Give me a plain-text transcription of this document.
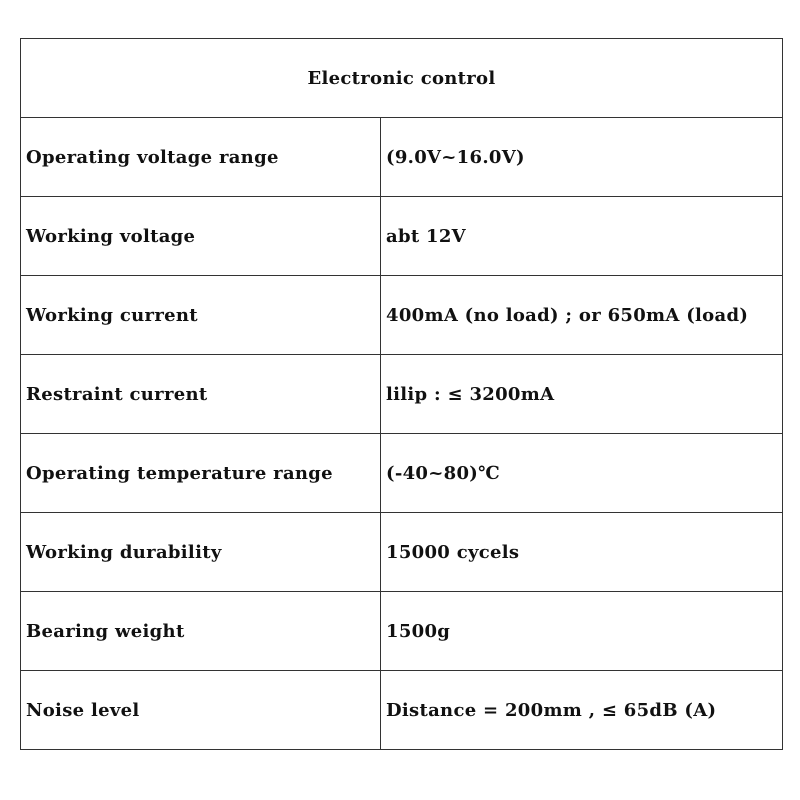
Electronic control	
Operating voltage range	(9.0V~16.0V)
Working voltage	abt 12V
Working current	400mA (no load) ; or 650mA (load)
Restraint current	lilip : ≤ 3200mA
Operating temperature range	(-40~80)℃
Working durability	15000 cycels
Bearing weight	1500g
Noise level	Distance = 200mm , ≤ 65dB (A)
